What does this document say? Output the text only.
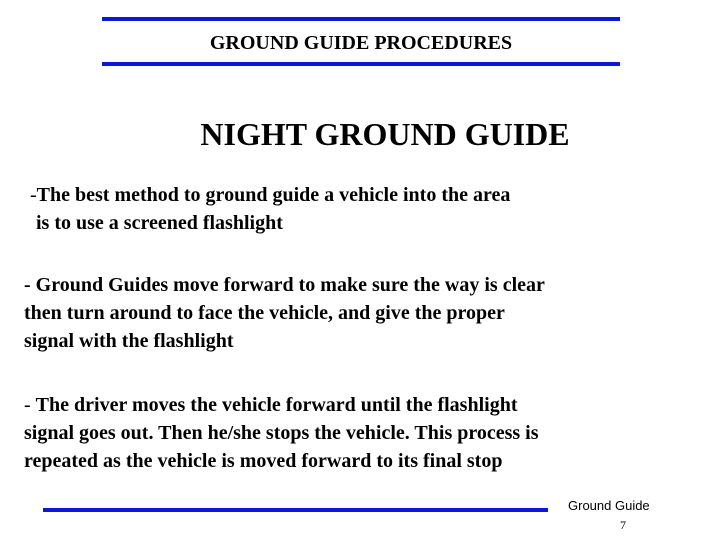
GROUND GUIDE PROCEDURES
NIGHT GROUND GUIDE

-The best method to ground guide a vehicle into the area
is to use a screened flashlight

- Ground Guides move forward to make sure the way is clear
then turn around to face the vehicle, and give the proper
signal with the flashlight

- The driver moves the vehicle forward until the flashlight
signal goes out. Then he/she stops the vehicle. This process is
repeated as the vehicle is moved forward to its final stop

Ground Guide
7
